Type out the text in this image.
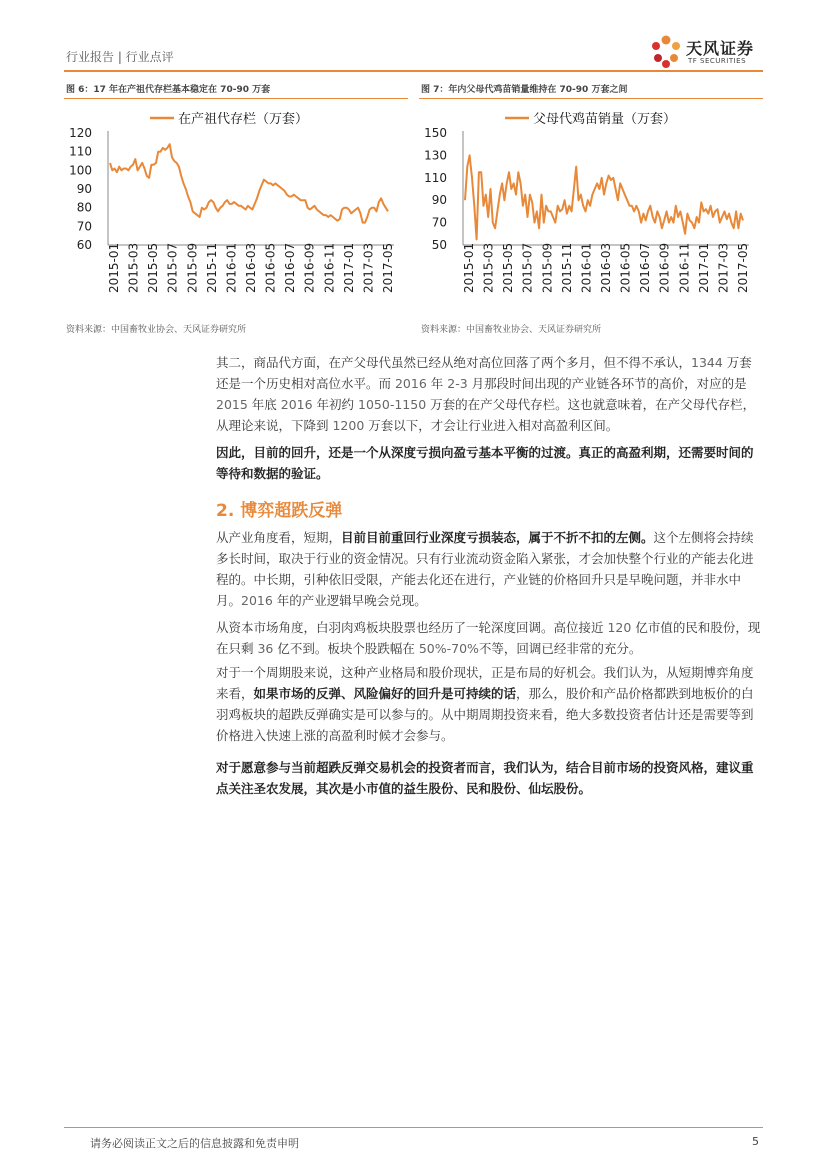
行业报告 | 行业点评	天风证券
TF SECURITIES
图 6：17 年在产祖代存栏基本稳定在 70-90 万套	图 7：年内父母代鸡苗销量维持在 70-90 万套之间
在产祖代存栏（万套）
60
70
80
90
100
110
120
2015-01 2015-03 2015-05 2015-07 2015-09 2015-11 2016-01 2016-03 2016-05 2016-07 2016-09 2016-11 2017-01 2017-03 2017-05
父母代鸡苗销量（万套）
50
70
90
110
130
150
2015-01 2015-03 2015-05 2015-07 2015-09 2015-11 2016-01 2016-03 2016-05 2016-07 2016-09 2016-11 2017-01 2017-03 2017-05
资料来源：中国畜牧业协会、天风证券研究所	资料来源：中国畜牧业协会、天风证券研究所

其二，商品代方面，在产父母代虽然已经从绝对高位回落了两个多月，但不得不承认，1344 万套还是一个历史相对高位水平。而 2016 年 2-3 月那段时间出现的产业链各环节的高价，对应的是 2015 年底 2016 年初约 1050-1150 万套的在产父母代存栏。这也就意味着，在产父母代存栏，从理论来说，下降到 1200 万套以下，才会让行业进入相对高盈利区间。

因此，目前的回升，还是一个从深度亏损向盈亏基本平衡的过渡。真正的高盈利期，还需要时间的等待和数据的验证。

2. 博弈超跌反弹

从产业角度看，短期，目前目前重回行业深度亏损装态，属于不折不扣的左侧。这个左侧将会持续多长时间，取决于行业的资金情况。只有行业流动资金陷入紧张，才会加快整个行业的产能去化进程的。中长期，引种依旧受限，产能去化还在进行，产业链的价格回升只是早晚问题，并非水中月。2016 年的产业逻辑早晚会兑现。

从资本市场角度，白羽肉鸡板块股票也经历了一轮深度回调。高位接近 120 亿市值的民和股份，现在只剩 36 亿不到。板块个股跌幅在 50%-70%不等，回调已经非常的充分。

对于一个周期股来说，这种产业格局和股价现状，正是布局的好机会。我们认为，从短期博弈角度来看，如果市场的反弹、风险偏好的回升是可持续的话，那么，股价和产品价格都跌到地板价的白羽鸡板块的超跌反弹确实是可以参与的。从中期周期投资来看，绝大多数投资者估计还是需要等到价格进入快速上涨的高盈利时候才会参与。

对于愿意参与当前超跌反弹交易机会的投资者而言，我们认为，结合目前市场的投资风格，建议重点关注圣农发展，其次是小市值的益生股份、民和股份、仙坛股份。

请务必阅读正文之后的信息披露和免责申明	5
